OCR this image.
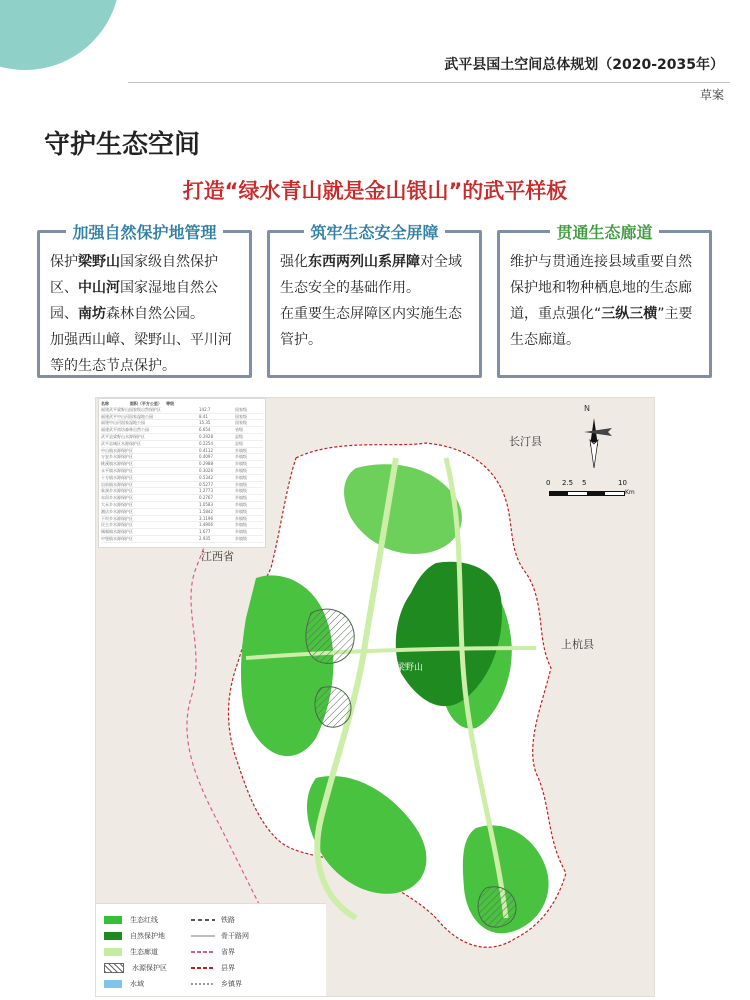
03	武平县国土空间总体规划（2020-2035年）
草案
守护生态空间
打造“绿水青山就是金山银山”的武平样板
加强自然保护地管理
保护梁野山国家级自然保护区、中山河国家湿地自然公园、南坊森林自然公园。
加强西山嶂、梁野山、平川河等的生态节点保护。
筑牢生态安全屏障
强化东西两列山系屏障对全域生态安全的基础作用。
在重要生态屏障区内实施生态管护。
贯通生态廊道
维护与贯通连接县域重要自然保护地和物种栖息地的生态廊道，重点强化“三纵三横”主要生态廊道。
名称	面积（平方公里） 等级
福建武平梁野山国家级自然保护区	142.7	国家级
福建武平中山河国家湿地公园	8.41	国家级
福建中山河国家湿地公园	15.35	国家级
福建武平南坊森林自然公园	6.654	省级
武平县梁野山水源保护区	0.2928	县级
武平县城区水源保护区	0.2254	县级
中山镇水源保护区	0.4112	乡镇级
万安乡水源保护区	0.4097	乡镇级
桃溪镇水源保护区	0.2988	乡镇级
永平镇水源保护区	0.3026	乡镇级
十方镇水源保护区	0.5342	乡镇级
岩前镇水源保护区	0.5277	乡镇级
象洞乡水源保护区	1.2773	乡镇级
东留乡水源保护区	0.2767	乡镇级
大禾乡水源保护区	1.0583	乡镇级
湘店乡水源保护区	1.5842	乡镇级
下坝乡水源保护区	3.1196	乡镇级
民主乡水源保护区	1.4906	乡镇级
城厢镇水源保护区	1.677	乡镇级
中堡镇水源保护区	2.935	乡镇级
0 2.5 5	10
Km
N
江西省
长汀县
上杭县
梁野山
生态红线
自然保护地
生态廊道
水源保护区
水域
铁路
骨干路网
省界
县界
乡镇界
